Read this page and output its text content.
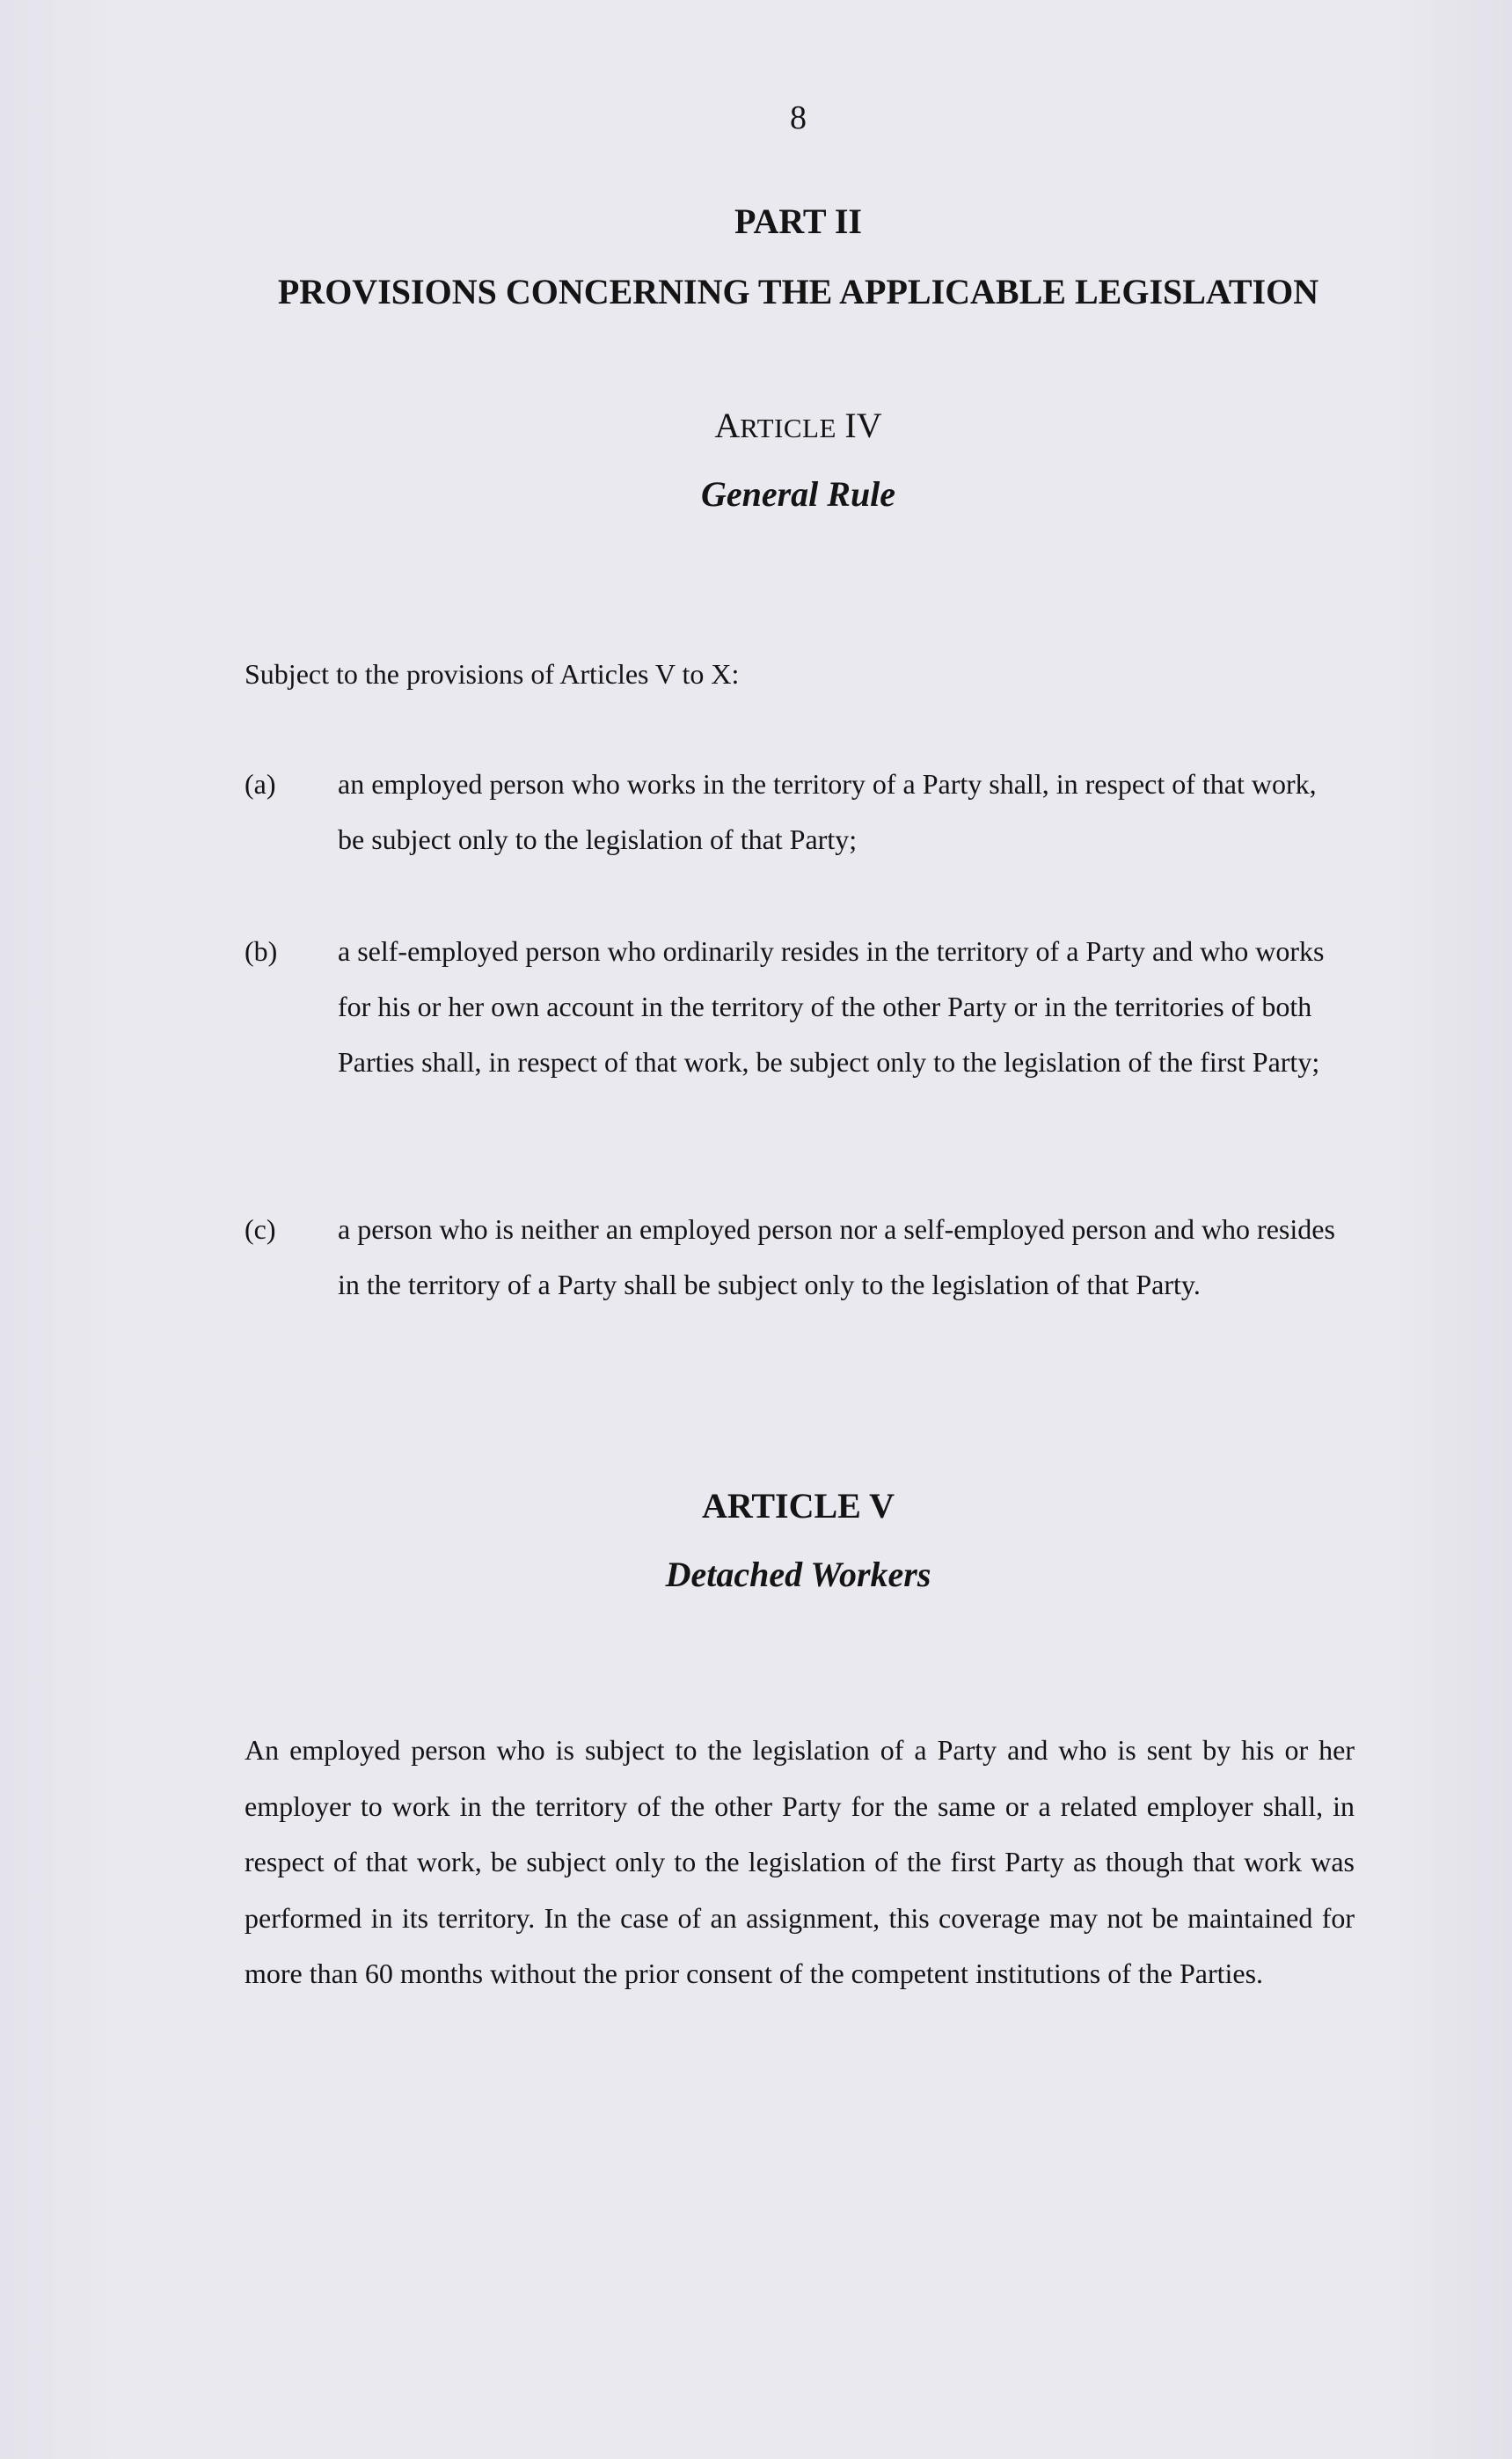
8
PART II
PROVISIONS CONCERNING THE APPLICABLE LEGISLATION
ARTICLE IV
General Rule
Subject to the provisions of Articles V to X:
(a) an employed person who works in the territory of a Party shall, in respect of that work, be subject only to the legislation of that Party;
(b) a self-employed person who ordinarily resides in the territory of a Party and who works for his or her own account in the territory of the other Party or in the territories of both Parties shall, in respect of that work, be subject only to the legislation of the first Party;
(c) a person who is neither an employed person nor a self-employed person and who resides in the territory of a Party shall be subject only to the legislation of that Party.
ARTICLE V
Detached Workers
An employed person who is subject to the legislation of a Party and who is sent by his or her employer to work in the territory of the other Party for the same or a related employer shall, in respect of that work, be subject only to the legislation of the first Party as though that work was performed in its territory. In the case of an assignment, this coverage may not be maintained for more than 60 months without the prior consent of the competent institutions of the Parties.
